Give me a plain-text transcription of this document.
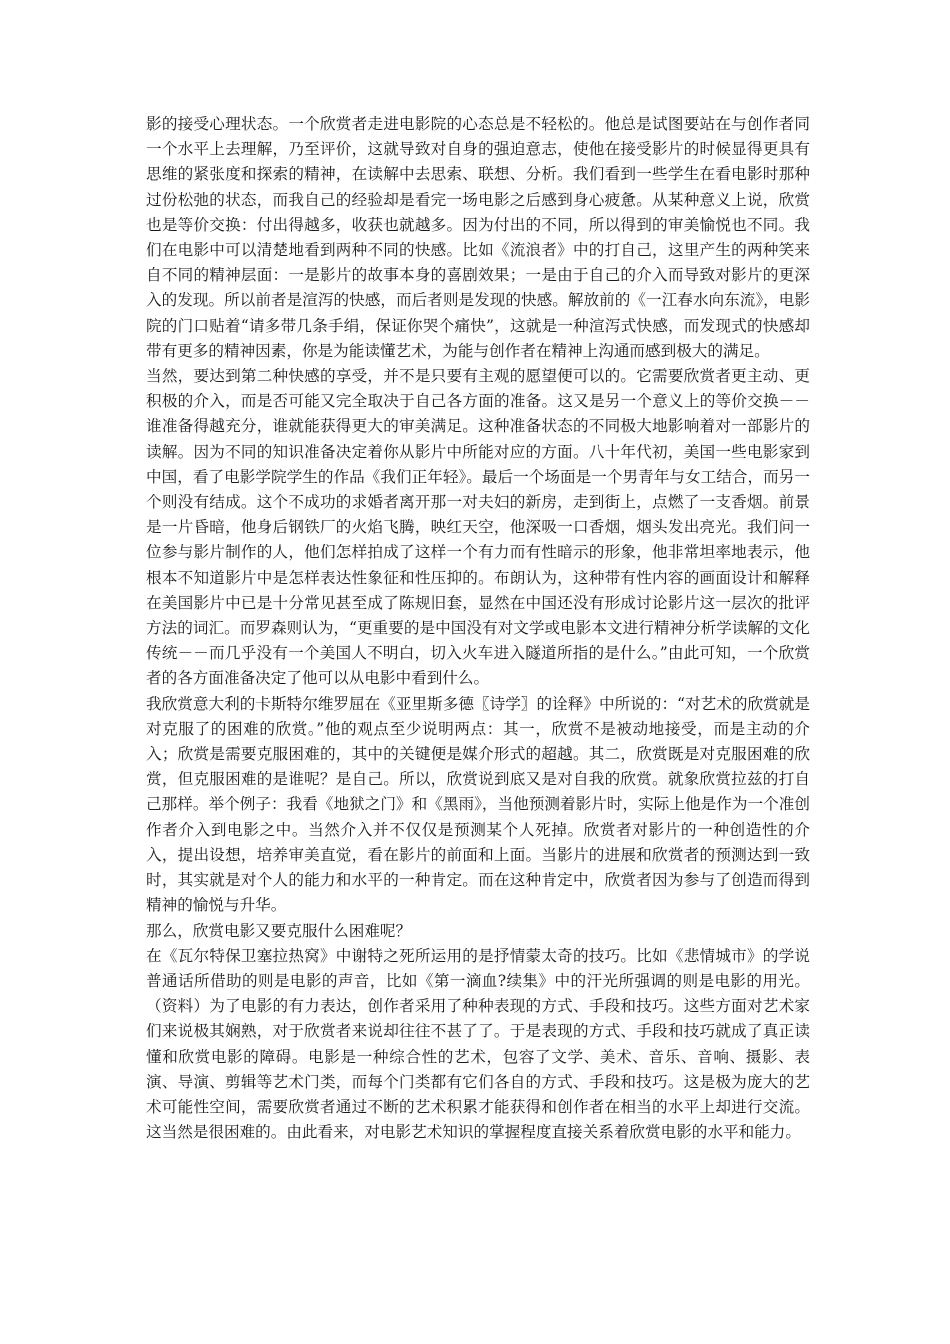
影的接受心理状态。一个欣赏者走进电影院的心态总是不轻松的。他总是试图要站在与创作者同一个水平上去理解，乃至评价，这就导致对自身的强迫意志，使他在接受影片的时候显得更具有思维的紧张度和探索的精神，在读解中去思索、联想、分析。我们看到一些学生在看电影时那种过份松弛的状态，而我自己的经验却是看完一场电影之后感到身心疲惫。从某种意义上说，欣赏也是等价交换：付出得越多，收获也就越多。因为付出的不同，所以得到的审美愉悦也不同。我们在电影中可以清楚地看到两种不同的快感。比如《流浪者》中的打自己，这里产生的两种笑来自不同的精神层面：一是影片的故事本身的喜剧效果；一是由于自己的介入而导致对影片的更深入的发现。所以前者是渲泻的快感，而后者则是发现的快感。解放前的《一江春水向东流》，电影院的门口贴着“请多带几条手绢，保证你哭个痛快”，这就是一种渲泻式快感，而发现式的快感却带有更多的精神因素，你是为能读懂艺术，为能与创作者在精神上沟通而感到极大的满足。

当然，要达到第二种快感的享受，并不是只要有主观的愿望便可以的。它需要欣赏者更主动、更积极的介入，而是否可能又完全取决于自己各方面的准备。这又是另一个意义上的等价交换－－谁准备得越充分，谁就能获得更大的审美满足。这种准备状态的不同极大地影响着对一部影片的读解。因为不同的知识准备决定着你从影片中所能对应的方面。八十年代初，美国一些电影家到中国，看了电影学院学生的作品《我们正年轻》。最后一个场面是一个男青年与女工结合，而另一个则没有结成。这个不成功的求婚者离开那一对夫妇的新房，走到街上，点燃了一支香烟。前景是一片昏暗，他身后钢铁厂的火焰飞腾，映红天空，他深吸一口香烟，烟头发出亮光。我们问一位参与影片制作的人，他们怎样拍成了这样一个有力而有性暗示的形象，他非常坦率地表示，他根本不知道影片中是怎样表达性象征和性压抑的。布朗认为，这种带有性内容的画面设计和解释在美国影片中已是十分常见甚至成了陈规旧套，显然在中国还没有形成讨论影片这一层次的批评方法的词汇。而罗森则认为，“更重要的是中国没有对文学或电影本文进行精神分析学读解的文化传统－－而几乎没有一个美国人不明白，切入火车进入隧道所指的是什么。”由此可知，一个欣赏者的各方面准备决定了他可以从电影中看到什么。

我欣赏意大利的卡斯特尔维罗屈在《亚里斯多德〖诗学〗的诠释》中所说的：“对艺术的欣赏就是对克服了的困难的欣赏。”他的观点至少说明两点：其一，欣赏不是被动地接受，而是主动的介入；欣赏是需要克服困难的，其中的关键便是媒介形式的超越。其二，欣赏既是对克服困难的欣赏，但克服困难的是谁呢？是自己。所以，欣赏说到底又是对自我的欣赏。就象欣赏拉兹的打自己那样。举个例子：我看《地狱之门》和《黑雨》，当他预测着影片时，实际上他是作为一个准创作者介入到电影之中。当然介入并不仅仅是预测某个人死掉。欣赏者对影片的一种创造性的介入，提出设想，培养审美直觉，看在影片的前面和上面。当影片的进展和欣赏者的预测达到一致时，其实就是对个人的能力和水平的一种肯定。而在这种肯定中，欣赏者因为参与了创造而得到精神的愉悦与升华。

那么，欣赏电影又要克服什么困难呢？

在《瓦尔特保卫塞拉热窝》中谢特之死所运用的是抒情蒙太奇的技巧。比如《悲情城市》的学说普通话所借助的则是电影的声音，比如《第一滴血?续集》中的汗光所强调的则是电影的用光。（资料）为了电影的有力表达，创作者采用了种种表现的方式、手段和技巧。这些方面对艺术家们来说极其娴熟，对于欣赏者来说却往往不甚了了。于是表现的方式、手段和技巧就成了真正读懂和欣赏电影的障碍。电影是一种综合性的艺术，包容了文学、美术、音乐、音响、摄影、表演、导演、剪辑等艺术门类，而每个门类都有它们各自的方式、手段和技巧。这是极为庞大的艺术可能性空间，需要欣赏者通过不断的艺术积累才能获得和创作者在相当的水平上却进行交流。这当然是很困难的。由此看来，对电影艺术知识的掌握程度直接关系着欣赏电影的水平和能力。
